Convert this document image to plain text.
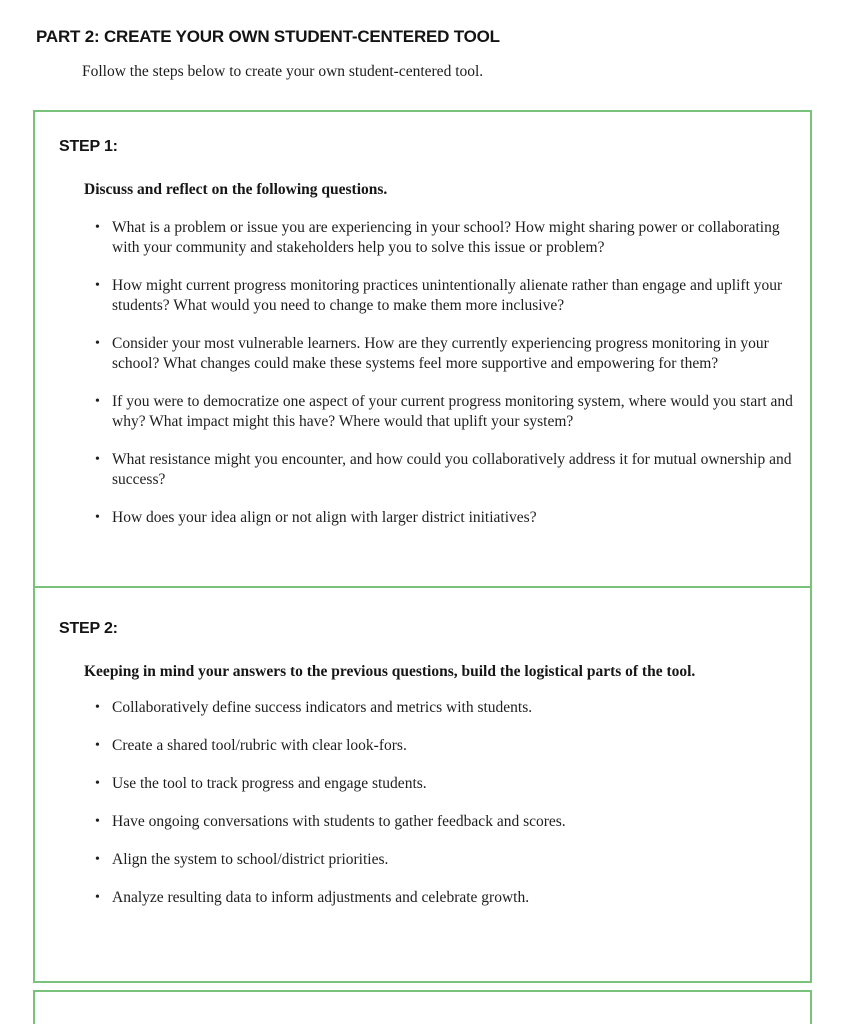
PART 2: CREATE YOUR OWN STUDENT-CENTERED TOOL

Follow the steps below to create your own student-centered tool.

STEP 1:

Discuss and reflect on the following questions.

• What is a problem or issue you are experiencing in your school? How might sharing power or collaborating with your community and stakeholders help you to solve this issue or problem?
• How might current progress monitoring practices unintentionally alienate rather than engage and uplift your students? What would you need to change to make them more inclusive?
• Consider your most vulnerable learners. How are they currently experiencing progress monitoring in your school? What changes could make these systems feel more supportive and empowering for them?
• If you were to democratize one aspect of your current progress monitoring system, where would you start and why? What impact might this have? Where would that uplift your system?
• What resistance might you encounter, and how could you collaboratively address it for mutual ownership and success?
• How does your idea align or not align with larger district initiatives?
STEP 2:

Keeping in mind your answers to the previous questions, build the logistical parts of the tool.

• Collaboratively define success indicators and metrics with students.
• Create a shared tool/rubric with clear look-fors.
• Use the tool to track progress and engage students.
• Have ongoing conversations with students to gather feedback and scores.
• Align the system to school/district priorities.
• Analyze resulting data to inform adjustments and celebrate growth.
